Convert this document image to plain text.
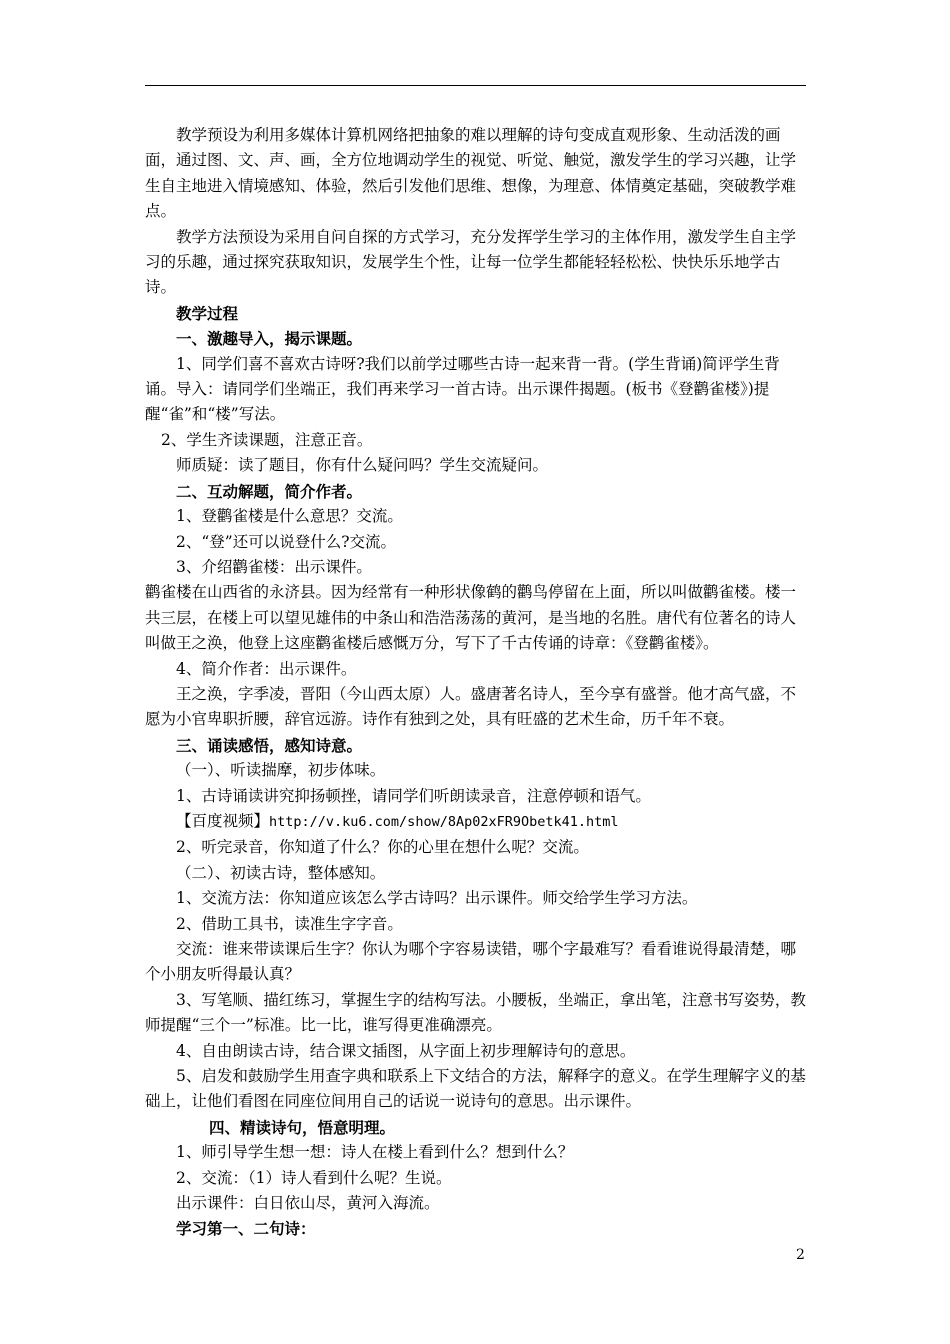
教学预设为利用多媒体计算机网络把抽象的难以理解的诗句变成直观形象、生动活泼的画面，通过图、文、声、画，全方位地调动学生的视觉、听觉、触觉，激发学生的学习兴趣，让学生自主地进入情境感知、体验，然后引发他们思维、想像，为理意、体情奠定基础，突破教学难点。

教学方法预设为采用自问自探的方式学习，充分发挥学生学习的主体作用，激发学生自主学习的乐趣，通过探究获取知识，发展学生个性，让每一位学生都能轻轻松松、快快乐乐地学古诗。

教学过程

一、激趣导入，揭示课题。

1、同学们喜不喜欢古诗呀?我们以前学过哪些古诗一起来背一背。(学生背诵)简评学生背诵。导入：请同学们坐端正，我们再来学习一首古诗。出示课件揭题。(板书《登鹳雀楼》)提醒“雀”和“楼”写法。

2、学生齐读课题，注意正音。

师质疑：读了题目，你有什么疑问吗？学生交流疑问。

二、互动解题，简介作者。

1、登鹳雀楼是什么意思？交流。

2、“登”还可以说登什么?交流。

3、介绍鹳雀楼：出示课件。

鹳雀楼在山西省的永济县。因为经常有一种形状像鹤的鹳鸟停留在上面，所以叫做鹳雀楼。楼一共三层，在楼上可以望见雄伟的中条山和浩浩荡荡的黄河，是当地的名胜。唐代有位著名的诗人叫做王之涣，他登上这座鹳雀楼后感慨万分，写下了千古传诵的诗章：《登鹳雀楼》。

4、简介作者：出示课件。

王之涣，字季凌，晋阳（今山西太原）人。盛唐著名诗人，至今享有盛誉。他才高气盛，不愿为小官卑职折腰，辞官远游。诗作有独到之处，具有旺盛的艺术生命，历千年不衰。

三、诵读感悟，感知诗意。

（一）、听读揣摩，初步体味。

1、古诗诵读讲究抑扬顿挫，请同学们听朗读录音，注意停顿和语气。

【百度视频】http://v.ku6.com/show/8Ap02xFR9Obetk41.html

2、听完录音，你知道了什么？你的心里在想什么呢？交流。

（二）、初读古诗，整体感知。

1、交流方法：你知道应该怎么学古诗吗？出示课件。师交给学生学习方法。

2、借助工具书，读准生字字音。

交流：谁来带读课后生字？你认为哪个字容易读错，哪个字最难写？看看谁说得最清楚，哪个小朋友听得最认真？

3、写笔顺、描红练习，掌握生字的结构写法。小腰板，坐端正，拿出笔，注意书写姿势，教师提醒“三个一”标准。比一比，谁写得更准确漂亮。

4、自由朗读古诗，结合课文插图，从字面上初步理解诗句的意思。

5、启发和鼓励学生用查字典和联系上下文结合的方法，解释字的意义。在学生理解字义的基础上，让他们看图在同座位间用自己的话说一说诗句的意思。出示课件。

四、精读诗句，悟意明理。

1、师引导学生想一想：诗人在楼上看到什么？想到什么？

2、交流：（1）诗人看到什么呢？生说。

出示课件：白日依山尽，黄河入海流。

学习第一、二句诗：

2
